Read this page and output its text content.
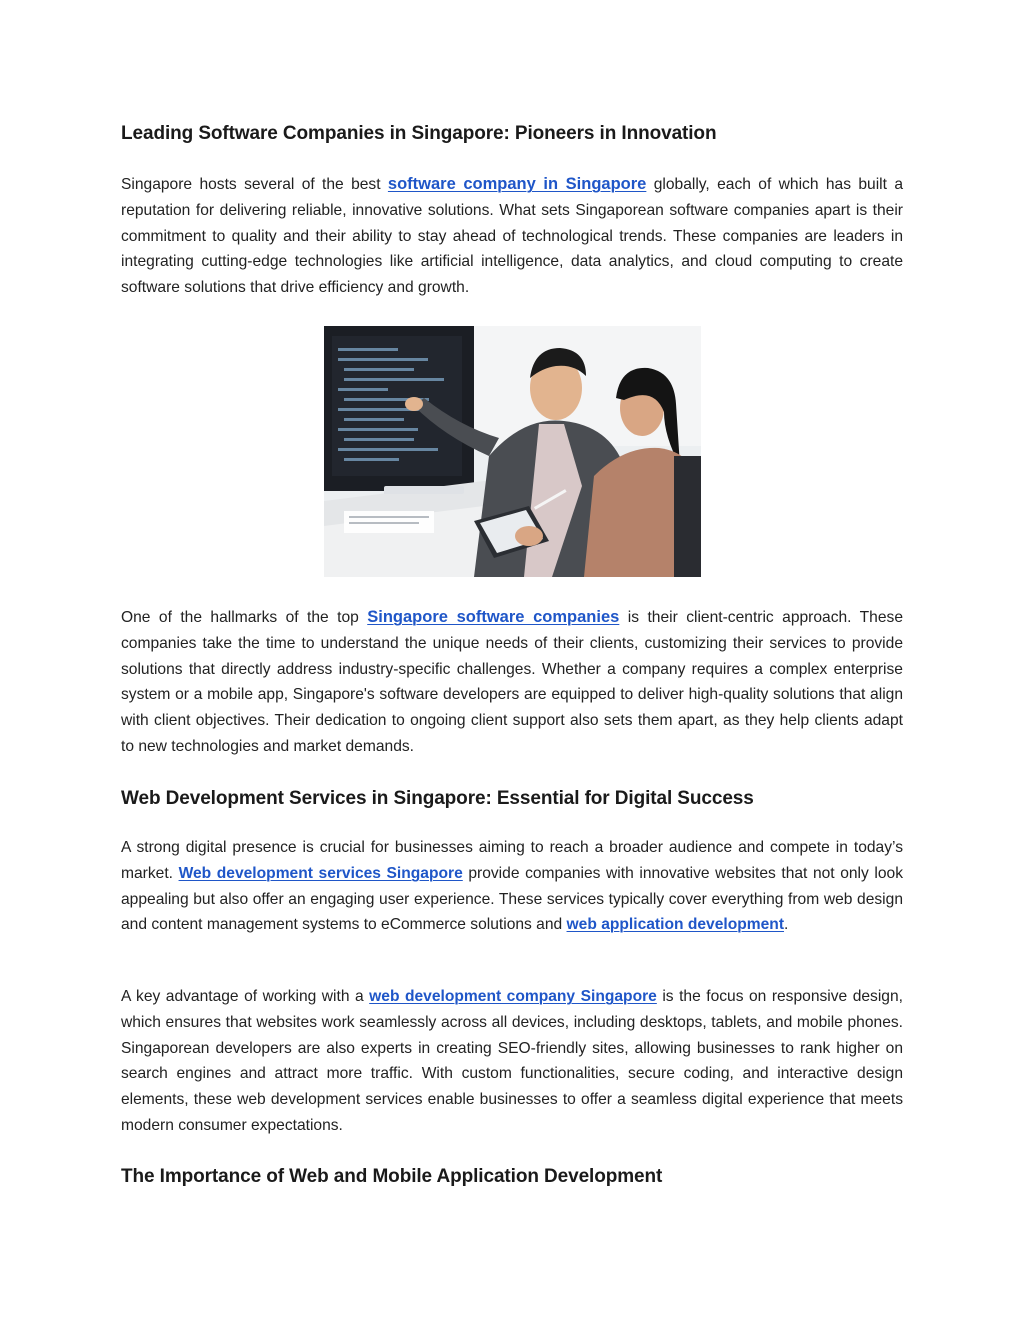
Leading Software Companies in Singapore: Pioneers in Innovation

Singapore hosts several of the best software company in Singapore globally, each of which has built a reputation for delivering reliable, innovative solutions. What sets Singaporean software companies apart is their commitment to quality and their ability to stay ahead of technological trends. These companies are leaders in integrating cutting-edge technologies like artificial intelligence, data analytics, and cloud computing to create software solutions that drive efficiency and growth.

One of the hallmarks of the top Singapore software companies is their client-centric approach. These companies take the time to understand the unique needs of their clients, customizing their services to provide solutions that directly address industry-specific challenges. Whether a company requires a complex enterprise system or a mobile app, Singapore's software developers are equipped to deliver high-quality solutions that align with client objectives. Their dedication to ongoing client support also sets them apart, as they help clients adapt to new technologies and market demands.

Web Development Services in Singapore: Essential for Digital Success

A strong digital presence is crucial for businesses aiming to reach a broader audience and compete in today’s market. Web development services Singapore provide companies with innovative websites that not only look appealing but also offer an engaging user experience. These services typically cover everything from web design and content management systems to eCommerce solutions and web application development.

A key advantage of working with a web development company Singapore is the focus on responsive design, which ensures that websites work seamlessly across all devices, including desktops, tablets, and mobile phones. Singaporean developers are also experts in creating SEO-friendly sites, allowing businesses to rank higher on search engines and attract more traffic. With custom functionalities, secure coding, and interactive design elements, these web development services enable businesses to offer a seamless digital experience that meets modern consumer expectations.

The Importance of Web and Mobile Application Development
